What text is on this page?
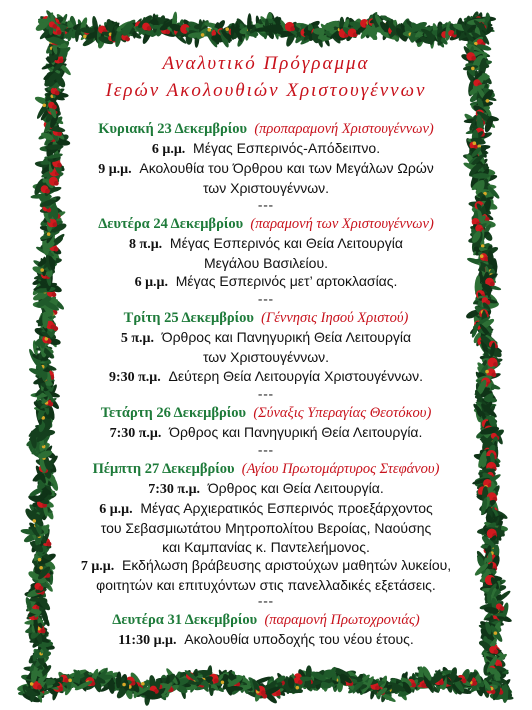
Αναλυτικό Πρόγραμμα

Ιερών Ακολουθιών Χριστουγέννων

Κυριακή 23 Δεκεμβρίου (προπαραμονή Χριστουγέννων)

6 μ.μ. Μέγας Εσπερινός-Απόδειπνο.

9 μ.μ. Ακολουθία του Όρθρου και των Μεγάλων Ωρών

των Χριστουγέννων.

---

Δευτέρα 24 Δεκεμβρίου (παραμονή των Χριστουγέννων)

8 π.μ. Μέγας Εσπερινός και Θεία Λειτουργία

Μεγάλου Βασιλείου.

6 μ.μ. Μέγας Εσπερινός μετ’ αρτοκλασίας.

---

Τρίτη 25 Δεκεμβρίου (Γέννησις Ιησού Χριστού)

5 π.μ. Όρθρος και Πανηγυρική Θεία Λειτουργία

των Χριστουγέννων.

9:30 π.μ. Δεύτερη Θεία Λειτουργία Χριστουγέννων.

---

Τετάρτη 26 Δεκεμβρίου (Σύναξις Υπεραγίας Θεοτόκου)

7:30 π.μ. Όρθρος και Πανηγυρική Θεία Λειτουργία.

---

Πέμπτη 27 Δεκεμβρίου (Αγίου Πρωτομάρτυρος Στεφάνου)

7:30 π.μ. Όρθρος και Θεία Λειτουργία.

6 μ.μ. Μέγας Αρχιερατικός Εσπερινός προεξάρχοντος

του Σεβασμιωτάτου Μητροπολίτου Βεροίας, Ναούσης

και Καμπανίας κ. Παντελεήμονος.

7 μ.μ. Εκδήλωση βράβευσης αριστούχων μαθητών λυκείου,

φοιτητών και επιτυχόντων στις πανελλαδικές εξετάσεις.

---

Δευτέρα 31 Δεκεμβρίου (παραμονή Πρωτοχρονιάς)

11:30 μ.μ. Ακολουθία υποδοχής του νέου έτους.
